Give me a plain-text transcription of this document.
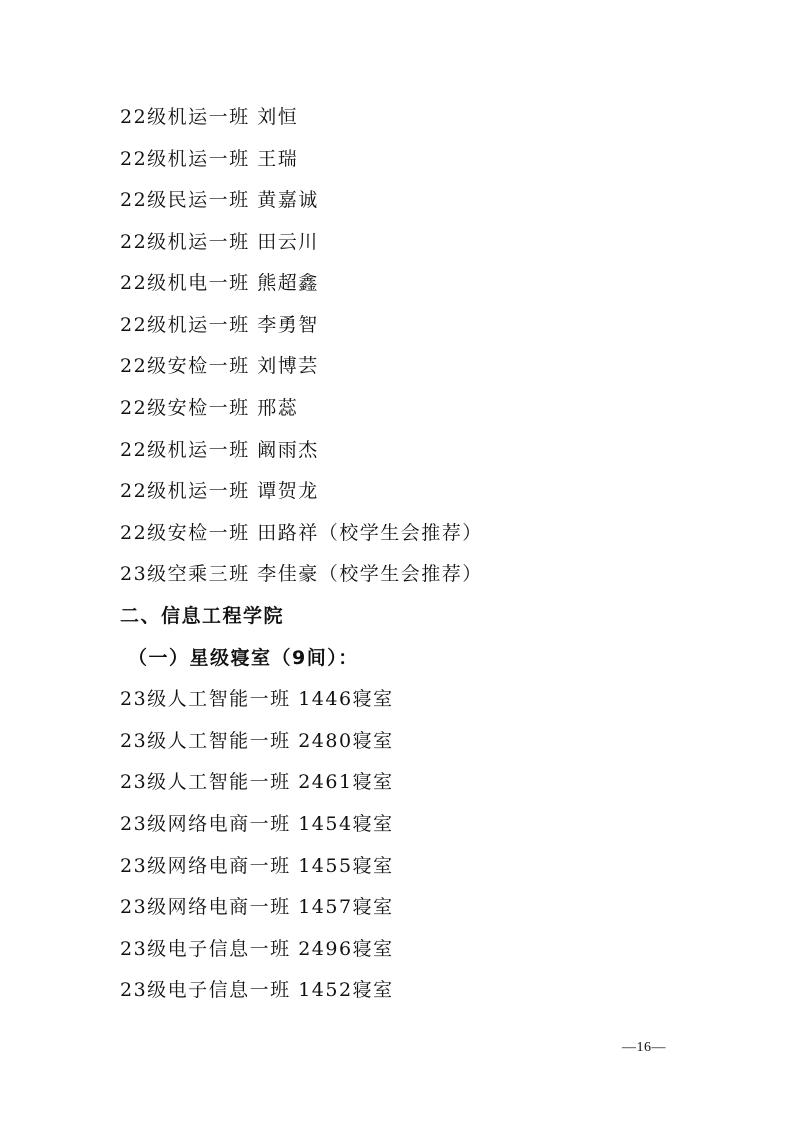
22级机运一班 刘恒
22级机运一班 王瑞
22级民运一班 黄嘉诚
22级机运一班 田云川
22级机电一班 熊超鑫
22级机运一班 李勇智
22级安检一班 刘博芸
22级安检一班 邢蕊
22级机运一班 阚雨杰
22级机运一班 谭贺龙
22级安检一班 田路祥（校学生会推荐）
23级空乘三班 李佳豪（校学生会推荐）
二、信息工程学院
（一）星级寝室（9间）：
23级人工智能一班 1446寝室
23级人工智能一班 2480寝室
23级人工智能一班 2461寝室
23级网络电商一班 1454寝室
23级网络电商一班 1455寝室
23级网络电商一班 1457寝室
23级电子信息一班 2496寝室
23级电子信息一班 1452寝室
—16—
